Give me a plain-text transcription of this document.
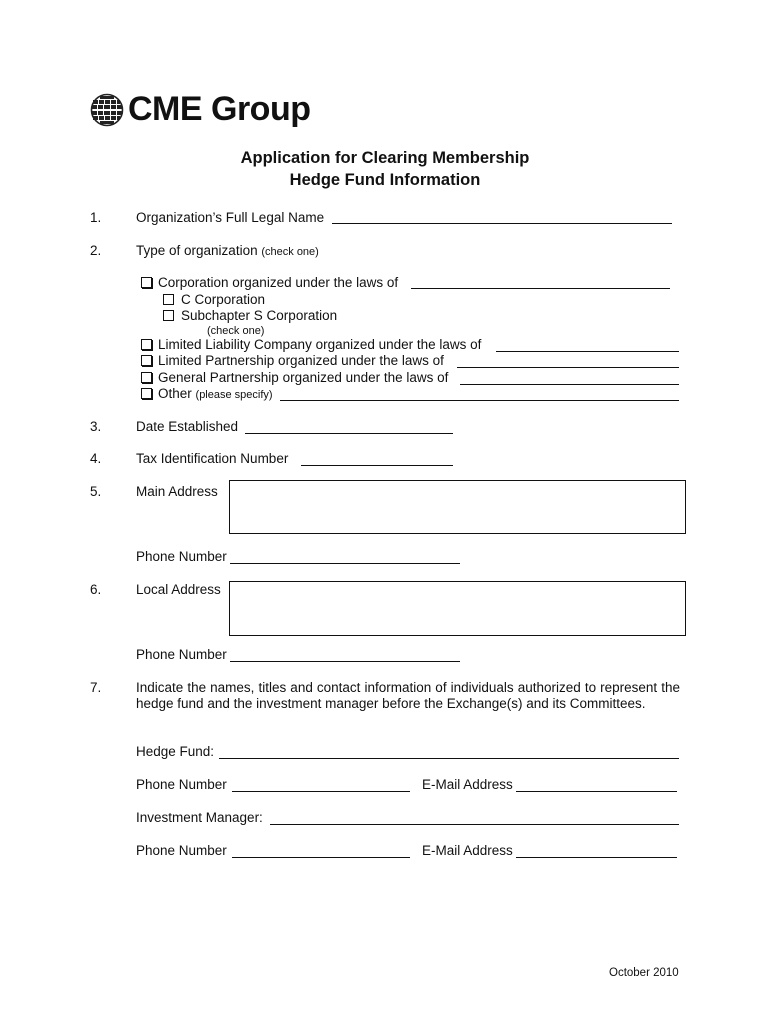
CME Group
Application for Clearing Membership
Hedge Fund Information
1.	Organization’s Full Legal Name
2.	Type of organization (check one)
Corporation organized under the laws of
C Corporation
Subchapter S Corporation
(check one)
Limited Liability Company organized under the laws of
Limited Partnership organized under the laws of
General Partnership organized under the laws of
Other (please specify)
3.	Date Established
4.	Tax Identification Number
5.	Main Address
Phone Number
6.	Local Address
Phone Number
7.	Indicate the names, titles and contact information of individuals authorized to represent the hedge fund and the investment manager before the Exchange(s) and its Committees.
Hedge Fund:
Phone Number	E-Mail Address
Investment Manager:
Phone Number	E-Mail Address
October 2010
